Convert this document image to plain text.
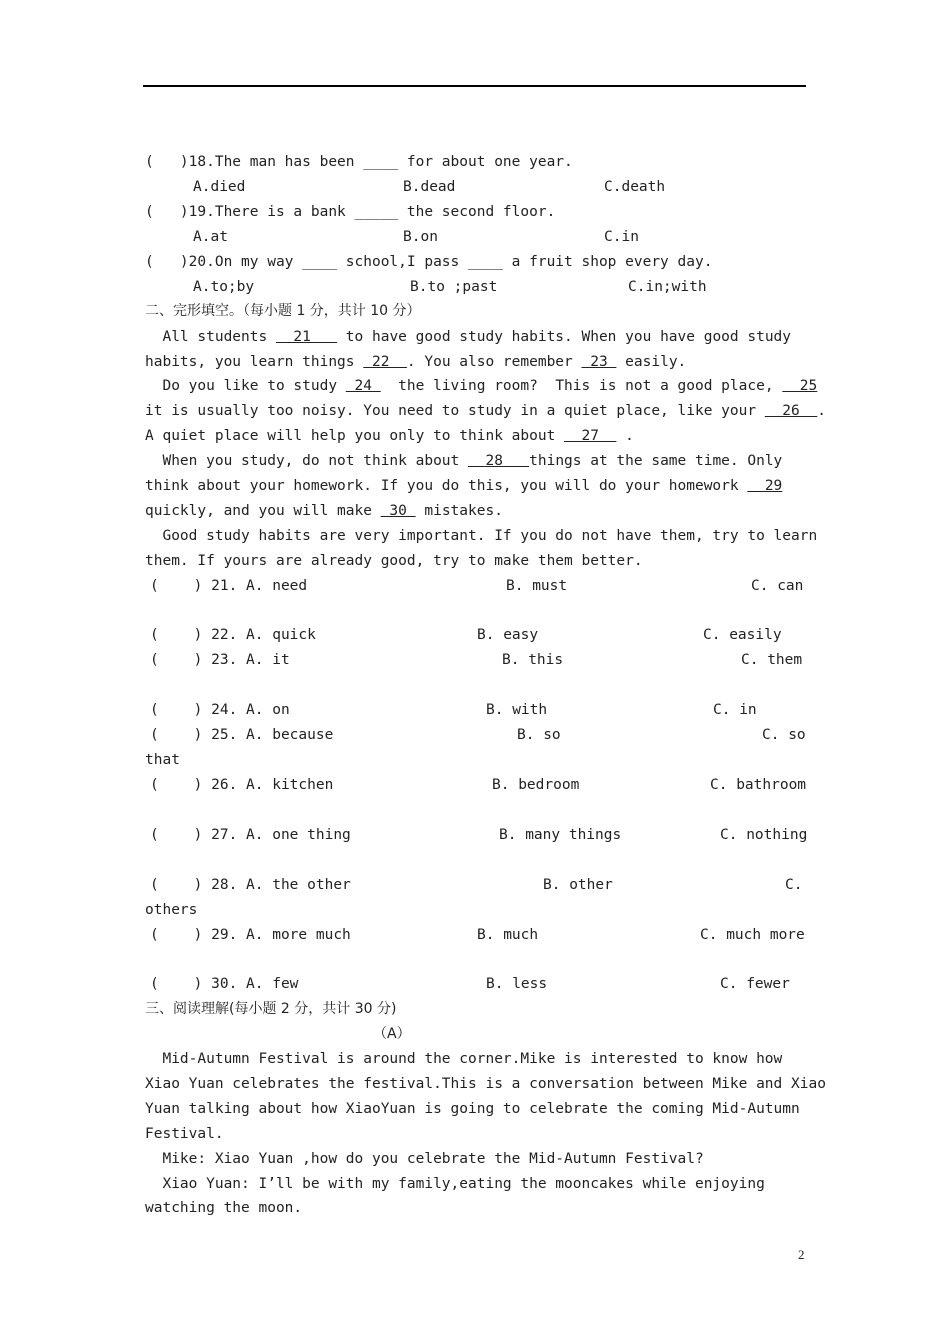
(   )18.The man has been ____ for about one year.
A.died	B.dead	C.death
(   )19.There is a bank _____ the second floor.
A.at	B.on	C.in
(   )20.On my way ____ school,I pass ____ a fruit shop every day.
A.to;by	B.to ;past	C.in;with
二、完形填空。（每小题 1 分，共计 10 分）
All students   21    to have good study habits. When you have good study
habits, you learn things  22  . You also remember  23  easily.
Do you like to study  24   the living room?  This is not a good place,   25
it is usually too noisy. You need to study in a quiet place, like your   26  .
A quiet place will help you only to think about   27   .
When you study, do not think about   28   things at the same time. Only
think about your homework. If you do this, you will do your homework   29
quickly, and you will make  30  mistakes.
Good study habits are very important. If you do not have them, try to learn
them. If yours are already good, try to make them better.
(    ) 21. A. need	B. must	C. can
(    ) 22. A. quick	B. easy	C. easily
(    ) 23. A. it	B. this	C. them
(    ) 24. A. on	B. with	C. in
(    ) 25. A. because	B. so	C. so
that
(    ) 26. A. kitchen	B. bedroom	C. bathroom
(    ) 27. A. one thing	B. many things	C. nothing
(    ) 28. A. the other	B. other	C.
others
(    ) 29. A. more much	B. much	C. much more
(    ) 30. A. few	B. less	C. fewer
三、阅读理解(每小题 2 分，共计 30 分)
（A）
Mid-Autumn Festival is around the corner.Mike is interested to know how
Xiao Yuan celebrates the festival.This is a conversation between Mike and Xiao
Yuan talking about how XiaoYuan is going to celebrate the coming Mid-Autumn
Festival.
Mike: Xiao Yuan ,how do you celebrate the Mid-Autumn Festival?
Xiao Yuan: I’ll be with my family,eating the mooncakes while enjoying
watching the moon.
2
